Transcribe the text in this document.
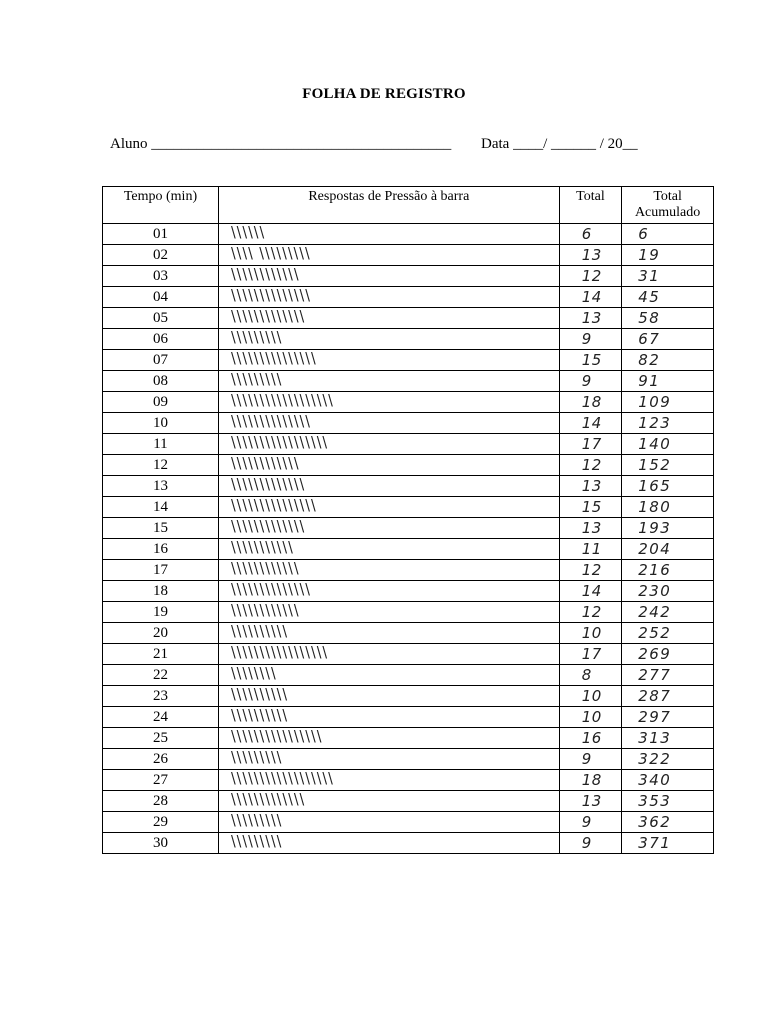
FOLHA DE REGISTRO
Aluno ________________________________________ Data ____/ ______ / 20__
Tempo (min)	Respostas de Pressão à barra	Total	Total Acumulado
01	\\\\\\	6	6
02	\\\\ \\\\\\\\\	13	19
03	\\\\\\\\\\\\	12	31
04	\\\\\\\\\\\\\\	14	45
05	\\\\\\\\\\\\\	13	58
06	\\\\\\\\\	9	67
07	\\\\\\\\\\\\\\\	15	82
08	\\\\\\\\\	9	91
09	\\\\\\\\\\\\\\\\\\	18	109
10	\\\\\\\\\\\\\\	14	123
11	\\\\\\\\\\\\\\\\\	17	140
12	\\\\\\\\\\\\	12	152
13	\\\\\\\\\\\\\	13	165
14	\\\\\\\\\\\\\\\	15	180
15	\\\\\\\\\\\\\	13	193
16	\\\\\\\\\\\	11	204
17	\\\\\\\\\\\\	12	216
18	\\\\\\\\\\\\\\	14	230
19	\\\\\\\\\\\\	12	242
20	\\\\\\\\\\	10	252
21	\\\\\\\\\\\\\\\\\	17	269
22	\\\\\\\\	8	277
23	\\\\\\\\\\	10	287
24	\\\\\\\\\\	10	297
25	\\\\\\\\\\\\\\\\	16	313
26	\\\\\\\\\	9	322
27	\\\\\\\\\\\\\\\\\\	18	340
28	\\\\\\\\\\\\\	13	353
29	\\\\\\\\\	9	362
30	\\\\\\\\\	9	371
